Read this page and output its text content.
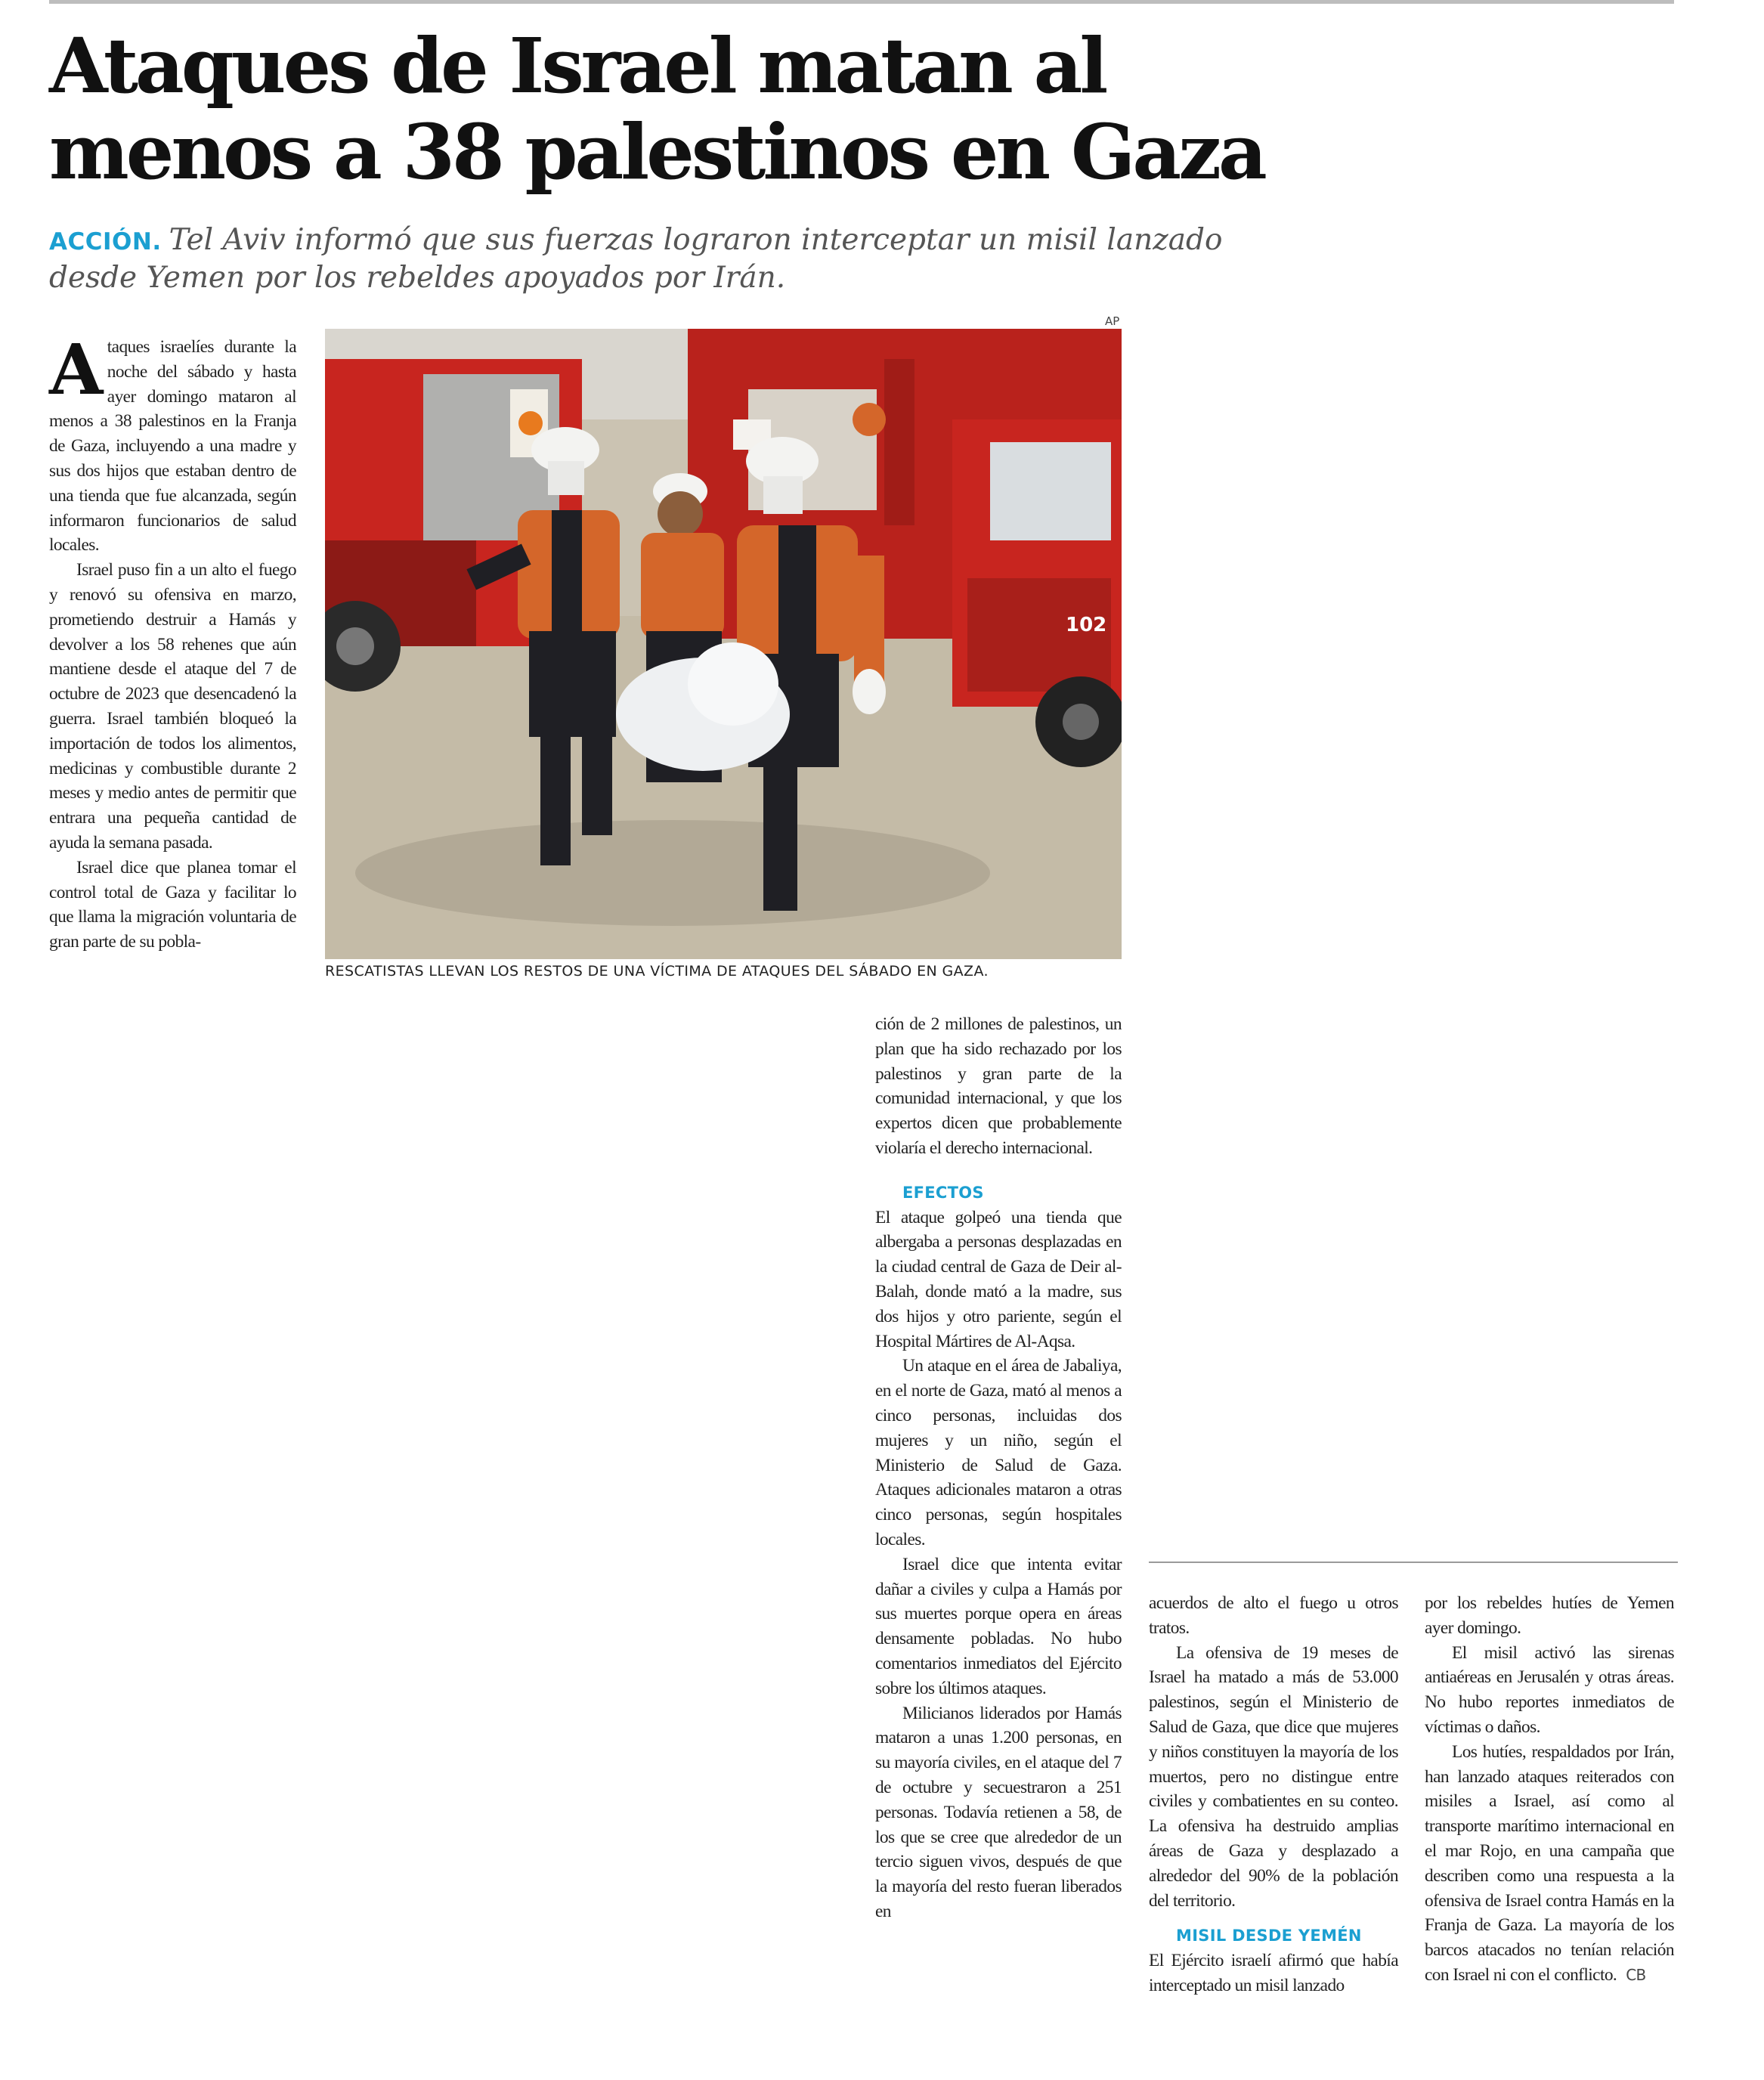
Ataques de Israel matan al
menos a 38 palestinos en Gaza
ACCIÓN. Tel Aviv informó que sus fuerzas lograron interceptar un misil lanzado
desde Yemen por los rebeldes apoyados por Irán.

Ataques israelíes durante la noche del sábado y hasta ayer domingo mataron al menos a 38 palestinos en la Franja de Gaza, incluyendo a una madre y sus dos hijos que estaban dentro de una tienda que fue alcanzada, según informaron funcionarios de salud locales.

Israel puso fin a un alto el fuego y renovó su ofensiva en marzo, prometiendo destruir a Hamás y devolver a los 58 rehenes que aún mantiene desde el ataque del 7 de octubre de 2023 que desencadenó la guerra. Israel también bloqueó la importación de todos los alimentos, medicinas y combustible durante 2 meses y medio antes de permitir que entrara una pequeña cantidad de ayuda la semana pasada.

Israel dice que planea tomar el control total de Gaza y facilitar lo que llama la migración voluntaria de gran parte de su pobla-

AP
102
RESCATISTAS LLEVAN LOS RESTOS DE UNA VÍCTIMA DE ATAQUES DEL SÁBADO EN GAZA.

ción de 2 millones de palestinos, un plan que ha sido rechazado por los palestinos y gran parte de la comunidad internacional, y que los expertos dicen que probablemente violaría el derecho internacional.

EFECTOS

El ataque golpeó una tienda que albergaba a personas desplazadas en la ciudad central de Gaza de Deir al-Balah, donde mató a la madre, sus dos hijos y otro pariente, según el Hospital Mártires de Al-Aqsa.

Un ataque en el área de Jabaliya, en el norte de Gaza, mató al menos a cinco personas, incluidas dos mujeres y un niño, según el Ministerio de Salud de Gaza. Ataques adicionales mataron a otras cinco personas, según hospitales locales.

Israel dice que intenta evitar dañar a civiles y culpa a Hamás por sus muertes porque opera en áreas densamente pobladas. No hubo comentarios inmediatos del Ejército sobre los últimos ataques.

Milicianos liderados por Hamás mataron a unas 1.200 personas, en su mayoría civiles, en el ataque del 7 de octubre y secuestraron a 251 personas. Todavía retienen a 58, de los que se cree que alrededor de un tercio siguen vivos, después de que la mayoría del resto fueran liberados en

acuerdos de alto el fuego u otros tratos.

La ofensiva de 19 meses de Israel ha matado a más de 53.000 palestinos, según el Ministerio de Salud de Gaza, que dice que mujeres y niños constituyen la mayoría de los muertos, pero no distingue entre civiles y combatientes en su conteo. La ofensiva ha destruido amplias áreas de Gaza y desplazado a alrededor del 90% de la población del territorio.

MISIL DESDE YEMÉN

El Ejército israelí afirmó que había interceptado un misil lanzado

por los rebeldes hutíes de Yemen ayer domingo.

El misil activó las sirenas antiaéreas en Jerusalén y otras áreas. No hubo reportes inmediatos de víctimas o daños.

Los hutíes, respaldados por Irán, han lanzado ataques reiterados con misiles a Israel, así como al transporte marítimo internacional en el mar Rojo, en una campaña que describen como una respuesta a la ofensiva de Israel contra Hamás en la Franja de Gaza. La mayoría de los barcos atacados no tenían relación con Israel ni con el conflicto. CB
